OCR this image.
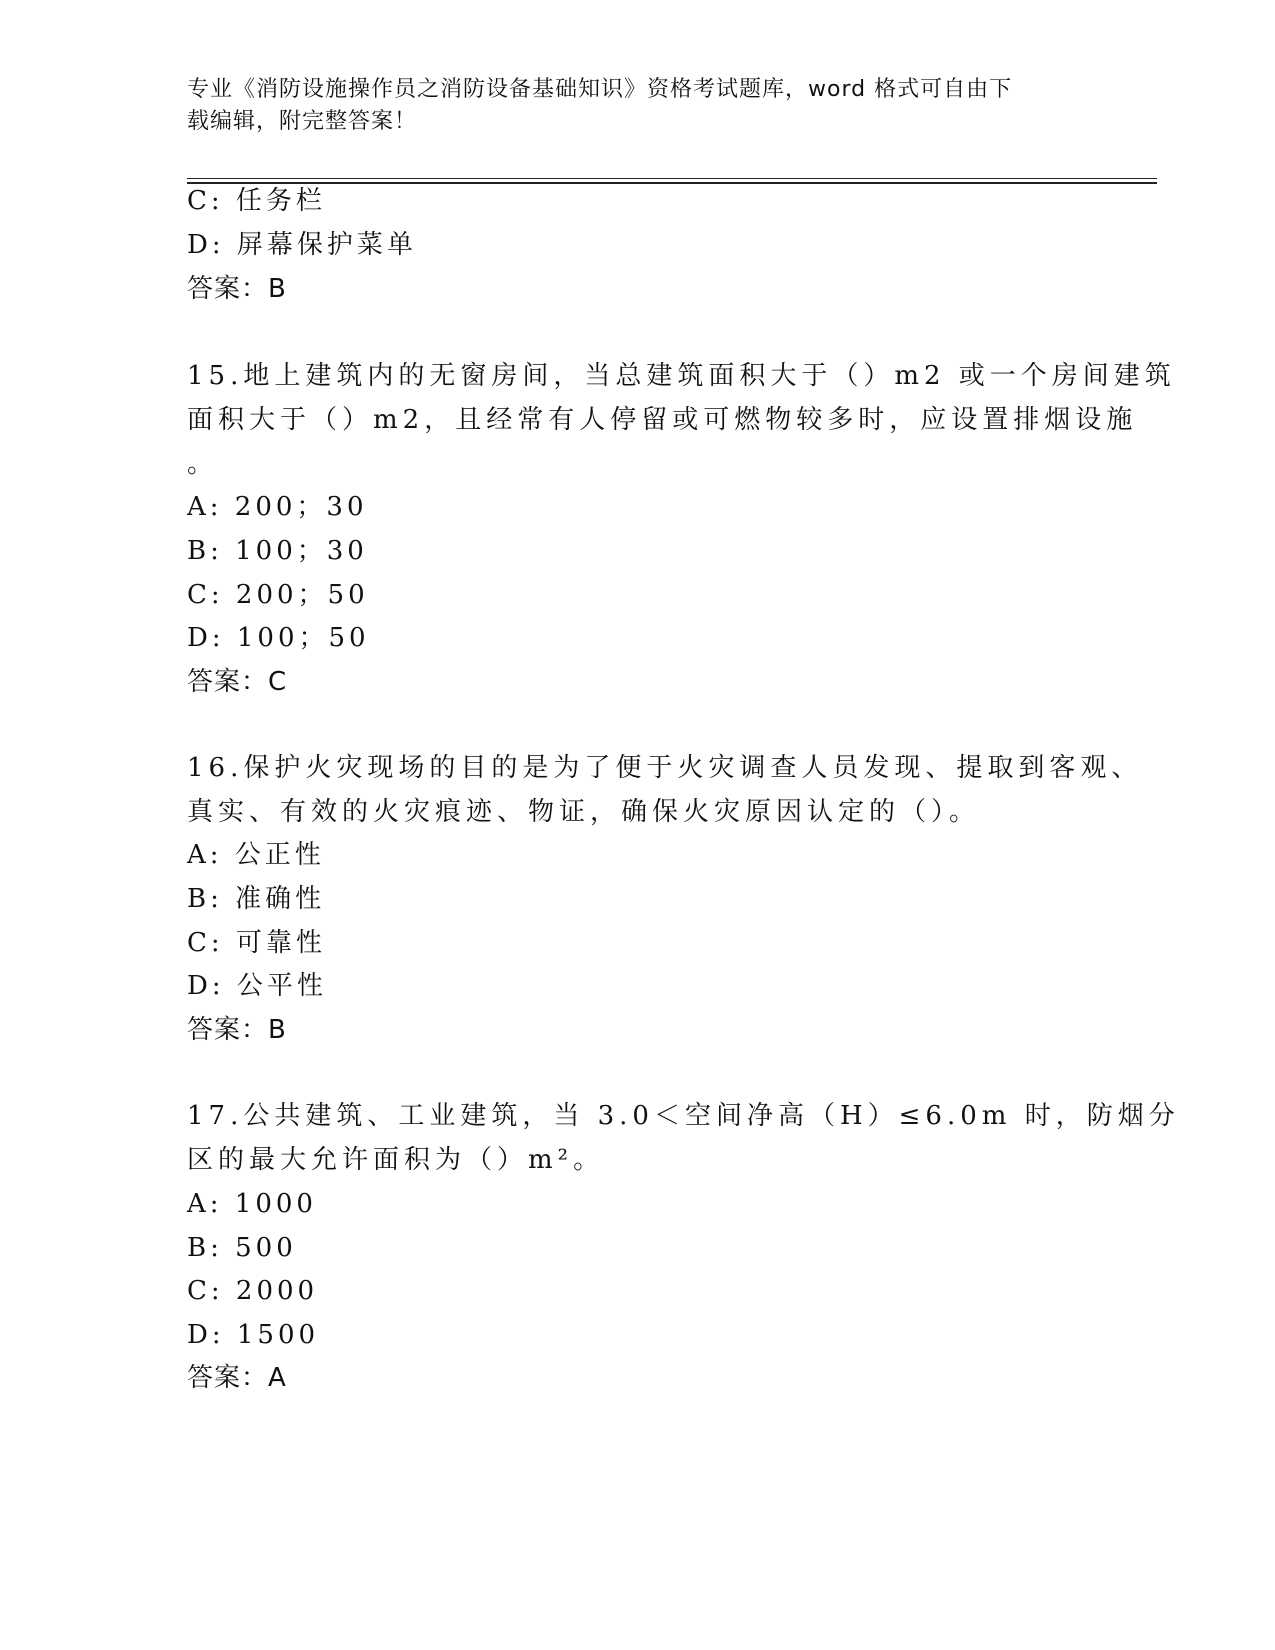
专业《消防设施操作员之消防设备基础知识》资格考试题库，word 格式可自由下
载编辑，附完整答案！
C: 任务栏
D: 屏幕保护菜单
答案：B
15.地上建筑内的无窗房间，当总建筑面积大于（）m2 或一个房间建筑
面积大于（）m2，且经常有人停留或可燃物较多时，应设置排烟设施
。
A: 200；30
B: 100；30
C: 200；50
D: 100；50
答案：C
16.保护火灾现场的目的是为了便于火灾调查人员发现、提取到客观、
真实、有效的火灾痕迹、物证，确保火灾原因认定的（）。
A: 公正性
B: 准确性
C: 可靠性
D: 公平性
答案：B
17.公共建筑、工业建筑，当 3.0＜空间净高（H）≤6.0m 时，防烟分
区的最大允许面积为（）m²。
A: 1000
B: 500
C: 2000
D: 1500
答案：A
